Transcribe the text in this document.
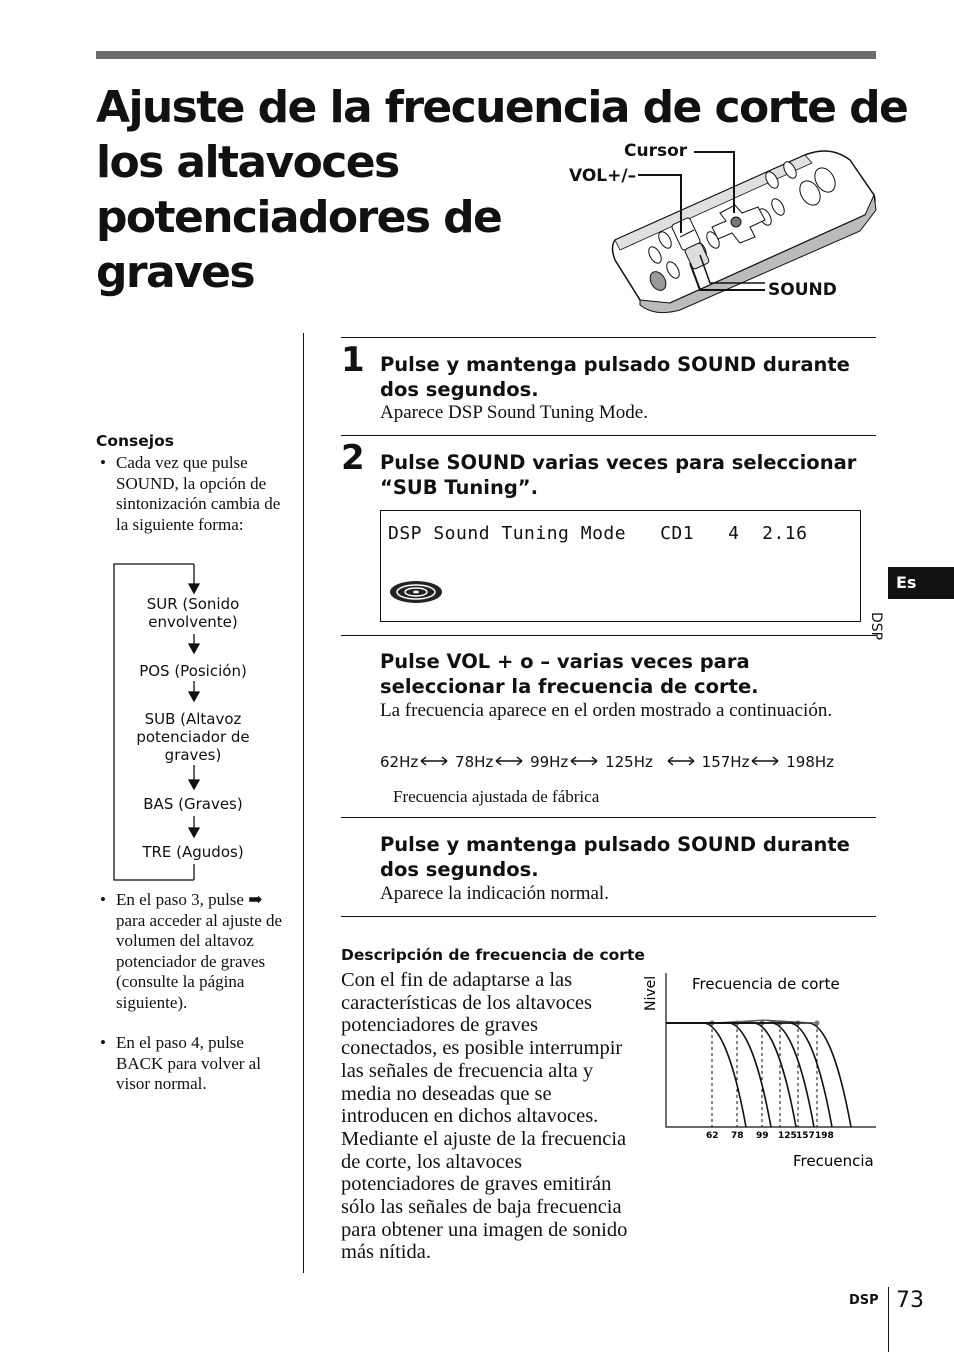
Ajuste de la frecuencia de corte de
los altavoces
potenciadores de
graves
Cursor
VOL+/–
SOUND
1 Pulse y mantenga pulsado SOUND durante dos segundos.
Aparece DSP Sound Tuning Mode.
2 Pulse SOUND varias veces para seleccionar “SUB Tuning”.
DSP Sound Tuning Mode   CD1   4  2.16
Pulse VOL + o – varias veces para seleccionar la frecuencia de corte.
La frecuencia aparece en el orden mostrado a continuación.
62Hz 78Hz 99Hz 125Hz	157Hz 198Hz
Frecuencia ajustada de fábrica
Pulse y mantenga pulsado SOUND durante dos segundos.
Aparece la indicación normal.
Consejos
• Cada vez que pulse SOUND, la opción de sintonización cambia de la siguiente forma:
SUR (Sonido envolvente)
POS (Posición)
SUB (Altavoz potenciador de graves)
BAS (Graves)
TRE (Agudos)
• En el paso 3, pulse ➡ para acceder al ajuste de volumen del altavoz potenciador de graves (consulte la página siguiente).
• En el paso 4, pulse BACK para volver al visor normal.
Descripción de frecuencia de corte
Con el fin de adaptarse a las características de los altavoces potenciadores de graves conectados, es posible interrumpir las señales de frecuencia alta y media no deseadas que se introducen en dichos altavoces. Mediante el ajuste de la frecuencia de corte, los altavoces potenciadores de graves emitirán sólo las señales de baja frecuencia para obtener una imagen de sonido más nítida.
Frecuencia de corte
Nivel
62 78 99 125 157 198
Frecuencia
Es
DSP
DSP 73
